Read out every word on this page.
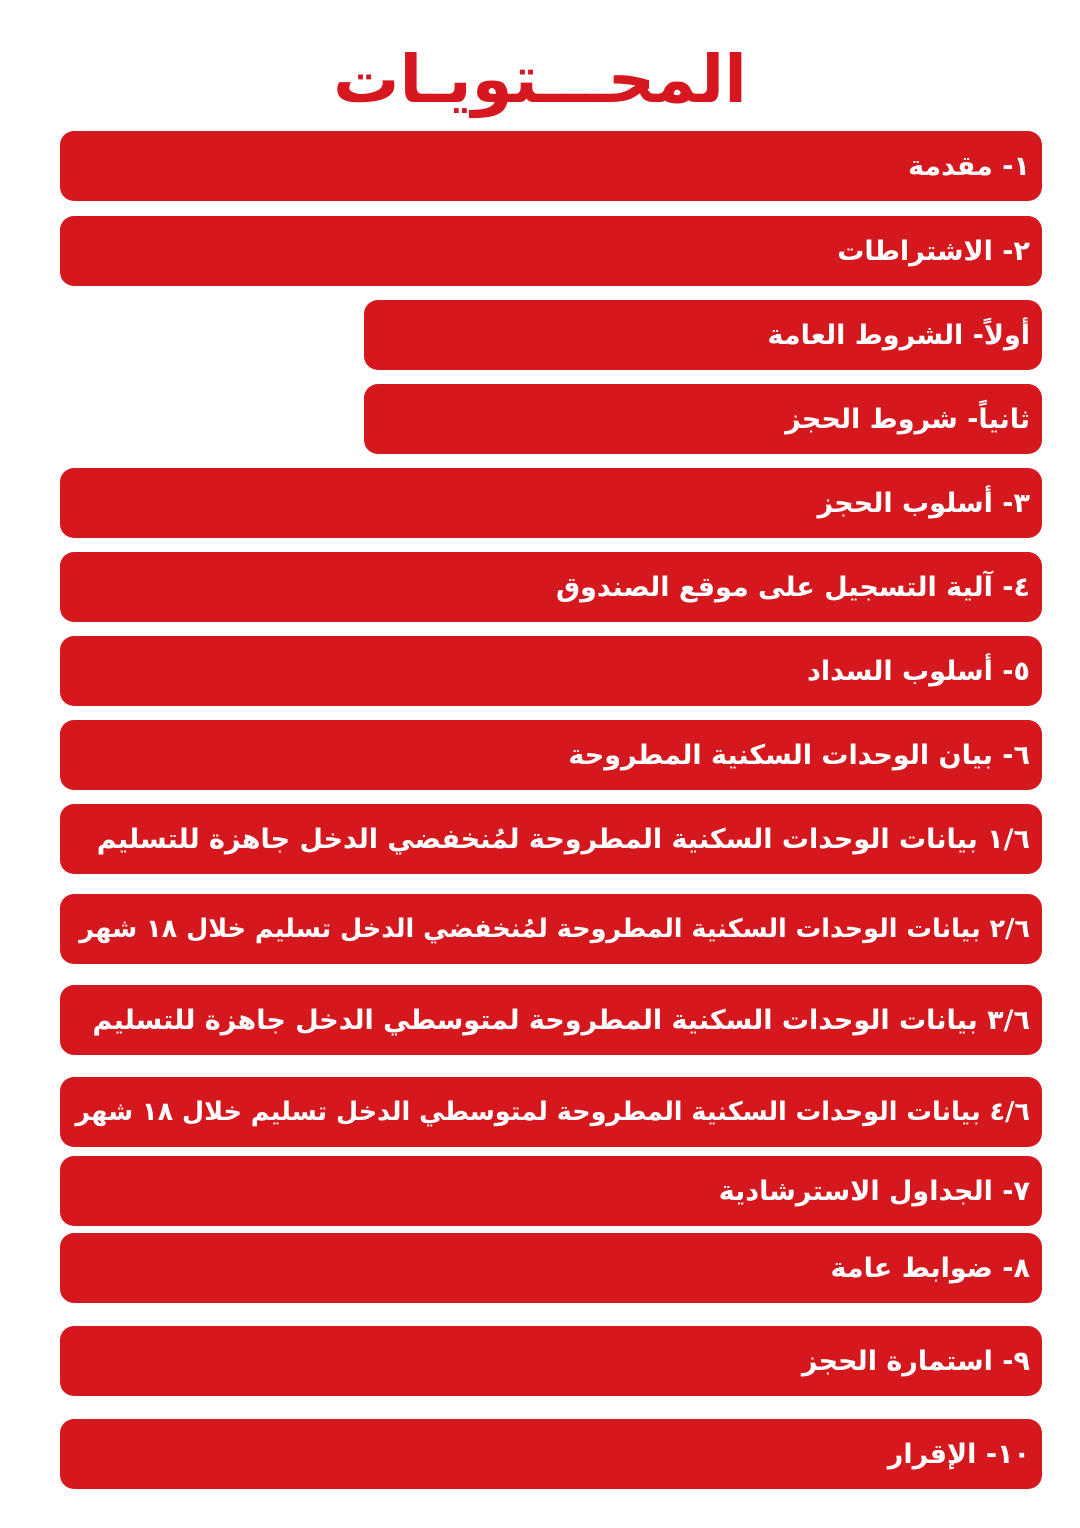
المحـــتويـات
١- مقدمة
٢- الاشتراطات
أولاً- الشروط العامة
ثانياً- شروط الحجز
٣- أسلوب الحجز
٤- آلية التسجيل على موقع الصندوق
٥- أسلوب السداد
٦- بيان الوحدات السكنية المطروحة
١/٦ بيانات الوحدات السكنية المطروحة لمُنخفضي الدخل جاهزة للتسليم
٢/٦ بيانات الوحدات السكنية المطروحة لمُنخفضي الدخل تسليم خلال ١٨ شهر
٣/٦ بيانات الوحدات السكنية المطروحة لمتوسطي الدخل جاهزة للتسليم
٤/٦ بيانات الوحدات السكنية المطروحة لمتوسطي الدخل تسليم خلال ١٨ شهر
٧- الجداول الاسترشادية
٨- ضوابط عامة
٩- استمارة الحجز
١٠- الإقرار
